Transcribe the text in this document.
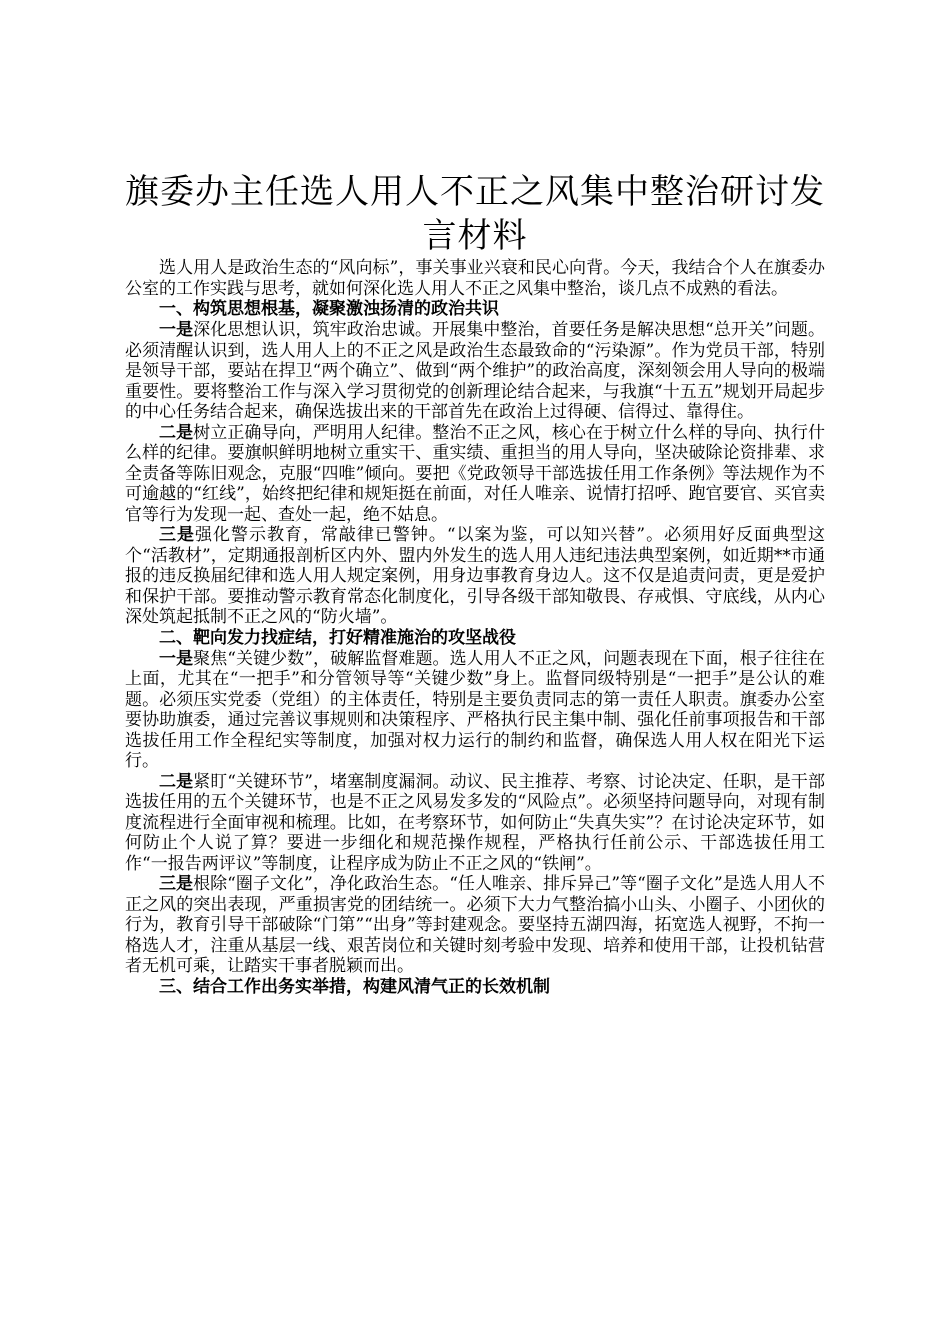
旗委办主任选人用人不正之风集中整治研讨发言材料

选人用人是政治生态的“风向标”，事关事业兴衰和民心向背。今天，我结合个人在旗委办公室的工作实践与思考，就如何深化选人用人不正之风集中整治，谈几点不成熟的看法。

一、构筑思想根基，凝聚激浊扬清的政治共识

一是深化思想认识，筑牢政治忠诚。开展集中整治，首要任务是解决思想“总开关”问题。必须清醒认识到，选人用人上的不正之风是政治生态最致命的“污染源”。作为党员干部，特别是领导干部，要站在捍卫“两个确立”、做到“两个维护”的政治高度，深刻领会用人导向的极端重要性。要将整治工作与深入学习贯彻党的创新理论结合起来，与我旗“十五五”规划开局起步的中心任务结合起来，确保选拔出来的干部首先在政治上过得硬、信得过、靠得住。

二是树立正确导向，严明用人纪律。整治不正之风，核心在于树立什么样的导向、执行什么样的纪律。要旗帜鲜明地树立重实干、重实绩、重担当的用人导向，坚决破除论资排辈、求全责备等陈旧观念，克服“四唯”倾向。要把《党政领导干部选拔任用工作条例》等法规作为不可逾越的“红线”，始终把纪律和规矩挺在前面，对任人唯亲、说情打招呼、跑官要官、买官卖官等行为发现一起、查处一起，绝不姑息。

三是强化警示教育，常敲律已警钟。“以案为鉴，可以知兴替”。必须用好反面典型这个“活教材”，定期通报剖析区内外、盟内外发生的选人用人违纪违法典型案例，如近期**市通报的违反换届纪律和选人用人规定案例，用身边事教育身边人。这不仅是追责问责，更是爱护和保护干部。要推动警示教育常态化制度化，引导各级干部知敬畏、存戒惧、守底线，从内心深处筑起抵制不正之风的“防火墙”。

二、靶向发力找症结，打好精准施治的攻坚战役

一是聚焦“关键少数”，破解监督难题。选人用人不正之风，问题表现在下面，根子往往在上面，尤其在“一把手”和分管领导等“关键少数”身上。监督同级特别是“一把手”是公认的难题。必须压实党委（党组）的主体责任，特别是主要负责同志的第一责任人职责。旗委办公室要协助旗委，通过完善议事规则和决策程序、严格执行民主集中制、强化任前事项报告和干部选拔任用工作全程纪实等制度，加强对权力运行的制约和监督，确保选人用人权在阳光下运行。

二是紧盯“关键环节”，堵塞制度漏洞。动议、民主推荐、考察、讨论决定、任职，是干部选拔任用的五个关键环节，也是不正之风易发多发的“风险点”。必须坚持问题导向，对现有制度流程进行全面审视和梳理。比如，在考察环节，如何防止“失真失实”？在讨论决定环节，如何防止个人说了算？要进一步细化和规范操作规程，严格执行任前公示、干部选拔任用工作“一报告两评议”等制度，让程序成为防止不正之风的“铁闸”。

三是根除“圈子文化”，净化政治生态。“任人唯亲、排斥异己”等“圈子文化”是选人用人不正之风的突出表现，严重损害党的团结统一。必须下大力气整治搞小山头、小圈子、小团伙的行为，教育引导干部破除“门第”“出身”等封建观念。要坚持五湖四海，拓宽选人视野，不拘一格选人才，注重从基层一线、艰苦岗位和关键时刻考验中发现、培养和使用干部，让投机钻营者无机可乘，让踏实干事者脱颖而出。

三、结合工作出务实举措，构建风清气正的长效机制
